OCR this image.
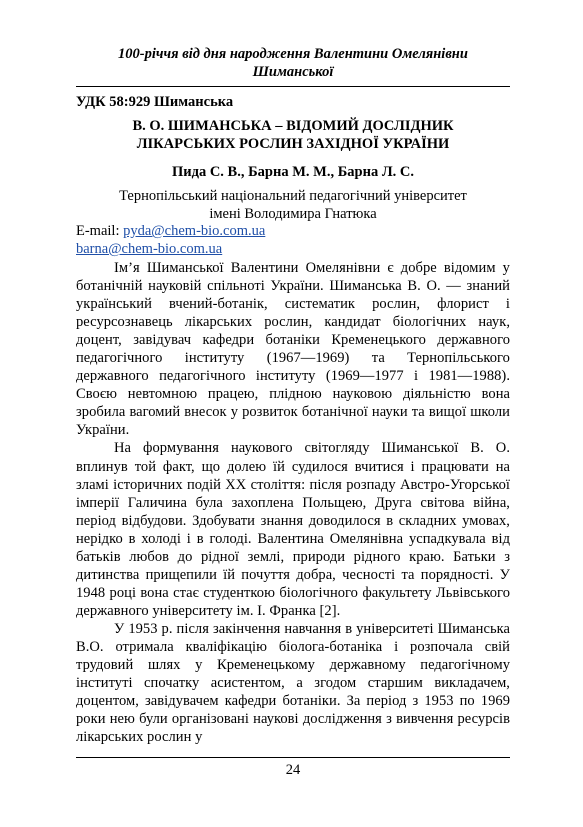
100-річчя від дня народження Валентини Омелянівни
Шиманської
УДК 58:929 Шиманська
В. О. ШИМАНСЬКА – ВІДОМИЙ ДОСЛІДНИК
ЛІКАРСЬКИХ РОСЛИН ЗАХІДНОЇ УКРАЇНИ
Пида С. В., Барна М. М., Барна Л. С.
Тернопільський національний педагогічний університет
імені Володимира Гнатюка
E-mail: pyda@chem-bio.com.ua
barna@chem-bio.com.ua

Ім’я Шиманської Валентини Омелянівни є добре відомим у ботанічній науковій спільноті України. Шиманська В. О. — знаний український вчений-ботанік, систематик рослин, флорист і ресурсознавець лікарських рослин, кандидат біологічних наук, доцент, завідувач кафедри ботаніки Кременецького державного педагогічного інституту (1967—1969) та Тернопільського державного педагогічного інституту (1969—1977 і 1981—1988). Своєю невтомною працею, плідною науковою діяльністю вона зробила вагомий внесок у розвиток ботанічної науки та вищої школи України.

На формування наукового світогляду Шиманської В. О. вплинув той факт, що долею їй судилося вчитися і працювати на зламі історичних подій ХХ століття: після розпаду Австро-Угорської імперії Галичина була захоплена Польщею, Друга світова війна, період відбудови. Здобувати знання доводилося в складних умовах, нерідко в холоді і в голоді. Валентина Омелянівна успадкувала від батьків любов до рідної землі, природи рідного краю. Батьки з дитинства прищепили їй почуття добра, чесності та порядності. У 1948 році вона стає студенткою біологічного факультету Львівського державного університету ім. І. Франка [2].

У 1953 р. після закінчення навчання в університеті Шиманська В.О. отримала кваліфікацію біолога-ботаніка і розпочала свій трудовий шлях у Кременецькому державному педагогічному інституті спочатку асистентом, а згодом старшим викладачем, доцентом, завідувачем кафедри ботаніки. За період з 1953 по 1969 роки нею були організовані наукові дослідження з вивчення ресурсів лікарських рослин у

24
